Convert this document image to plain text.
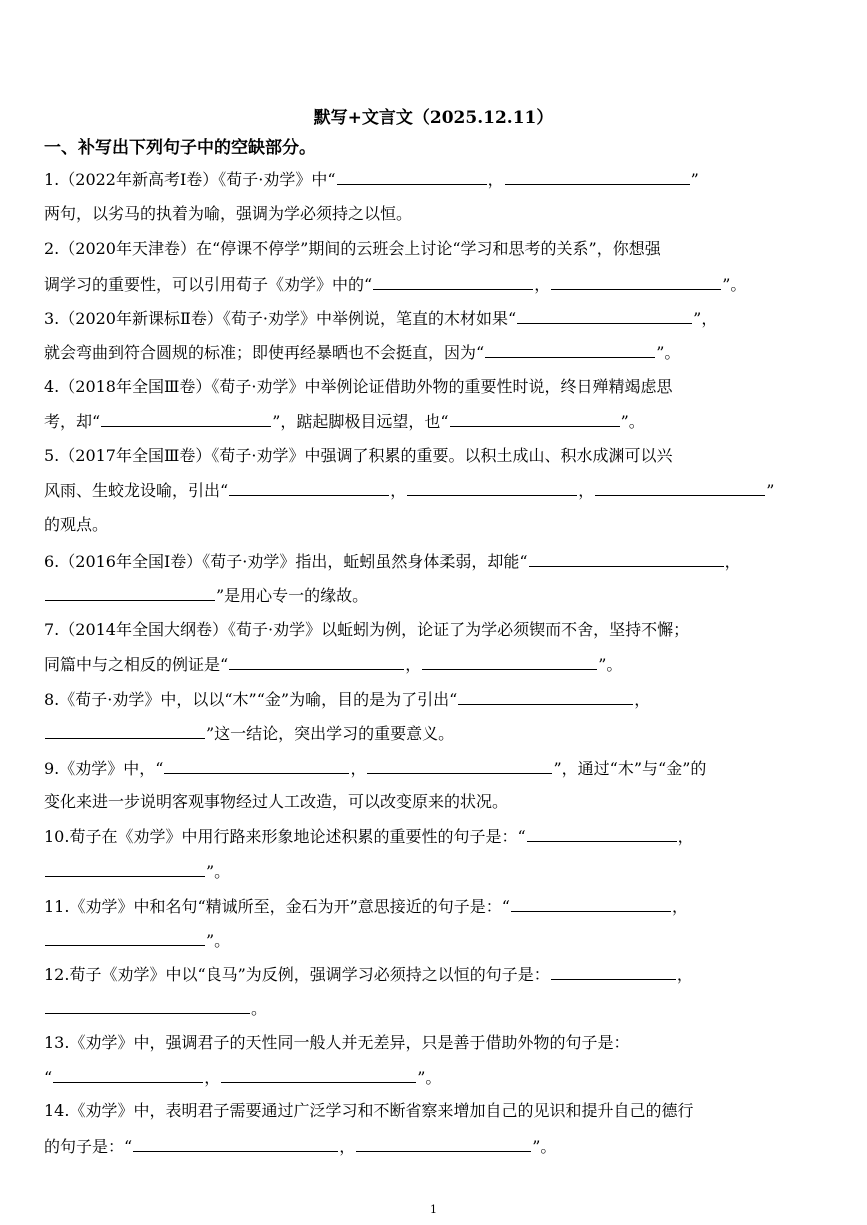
默写+文言文（2025.12.11）
一、补写出下列句子中的空缺部分。
1.（2022年新高考Ⅰ卷）《荀子·劝学》中“	，	”
两句，以劣马的执着为喻，强调为学必须持之以恒。
2.（2020年天津卷）在“停课不停学”期间的云班会上讨论“学习和思考的关系”，你想强
调学习的重要性，可以引用荀子《劝学》中的“	，	”。
3.（2020年新课标Ⅱ卷）《荀子·劝学》中举例说，笔直的木材如果“	”，
就会弯曲到符合圆规的标准；即使再经暴晒也不会挺直，因为“	”。
4.（2018年全国Ⅲ卷）《荀子·劝学》中举例论证借助外物的重要性时说，终日殚精竭虑思
考，却“	”，踮起脚极目远望，也“	”。
5.（2017年全国Ⅲ卷）《荀子·劝学》中强调了积累的重要。以积土成山、积水成渊可以兴
风雨、生蛟龙设喻，引出“	，	，	”
的观点。
6.（2016年全国Ⅰ卷）《荀子·劝学》指出，蚯蚓虽然身体柔弱，却能“	，
”是用心专一的缘故。
7.（2014年全国大纲卷）《荀子·劝学》以蚯蚓为例，论证了为学必须锲而不舍，坚持不懈；
同篇中与之相反的例证是“	，	”。
8.《荀子·劝学》中，以以“木”“金”为喻，目的是为了引出“	，
”这一结论，突出学习的重要意义。
9.《劝学》中，“	，	”，通过“木”与“金”的
变化来进一步说明客观事物经过人工改造，可以改变原来的状况。
10.荀子在《劝学》中用行路来形象地论述积累的重要性的句子是：“	，
”。
11.《劝学》中和名句“精诚所至，金石为开”意思接近的句子是：“	，
”。
12.荀子《劝学》中以“良马”为反例，强调学习必须持之以恒的句子是：	，
。
13.《劝学》中，强调君子的天性同一般人并无差异，只是善于借助外物的句子是：
“	，	”。
14.《劝学》中，表明君子需要通过广泛学习和不断省察来增加自己的见识和提升自己的德行
的句子是：“	，	”。
1
